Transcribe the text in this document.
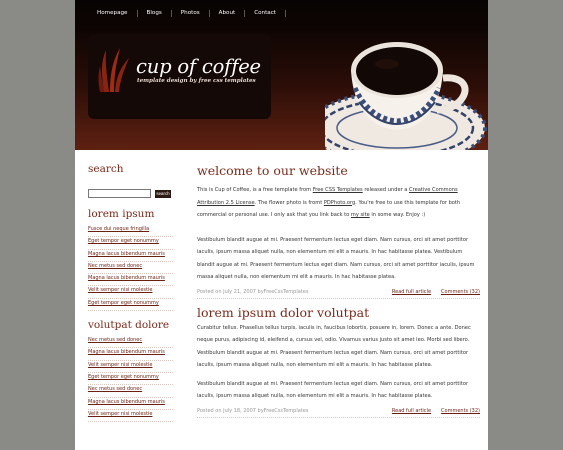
Homepage	Blogs	Photos	About	Contact
cup of coffee
template design by free css templates
search
search
lorem ipsum
Fusce dui neque fringilla
Eget tempor eget nonummy
Magna lacus bibendum mauris
Nec metus sed donec
Magna lacus bibendum mauris
Velit semper nisi molestie
Eget tempor eget nonummy
volutpat dolore
Nec metus sed donec
Magna lacus bibendum mauris
Velit semper nisi molestie
Eget tempor eget nonummy
Nec metus sed donec
Magna lacus bibendum mauris
Velit semper nisi molestie
welcome to our website

This is Cup of Coffee, is a free template from Free CSS Templates released under a Creative Commons Attribution 2.5 License. The flower photo is fromt PDPhoto.org. You're free to use this template for both commercial or personal use. I only ask that you link back to my site in some way. Enjoy :)

Vestibulum blandit augue at mi. Praesent fermentum lectus eget diam. Nam cursus, orci sit amet porttitor iaculis, ipsum massa aliquet nulla, non elementum mi elit a mauris. In hac habitasse platea. Vestibulum blandit augue at mi. Praesent fermentum lectus eget diam. Nam cursus, orci sit amet porttitor iaculis, ipsum massa aliquet nulla, non elementum mi elit a mauris. In hac habitasse platea.

Posted on July 21, 2007 byFreeCssTemplates	Read full article Comments (32)
lorem ipsum dolor volutpat

Curabitur tellus. Phasellus tellus turpis, iaculis in, faucibus lobortis, posuere in, lorem. Donec a ante. Donec neque purus, adipiscing id, eleifend a, cursus vel, odio. Vivamus varius justo sit amet leo. Morbi sed libero. Vestibulum blandit augue at mi. Praesent fermentum lectus eget diam. Nam cursus, orci sit amet porttitor iaculis, ipsum massa aliquet nulla, non elementum mi elit a mauris. In hac habitasse platea.

Vestibulum blandit augue at mi. Praesent fermentum lectus eget diam. Nam cursus, orci sit amet porttitor iaculis, ipsum massa aliquet nulla, non elementum mi elit a mauris. In hac habitasse platea.

Posted on July 18, 2007 byFreeCssTemplates	Read full article Comments (32)
